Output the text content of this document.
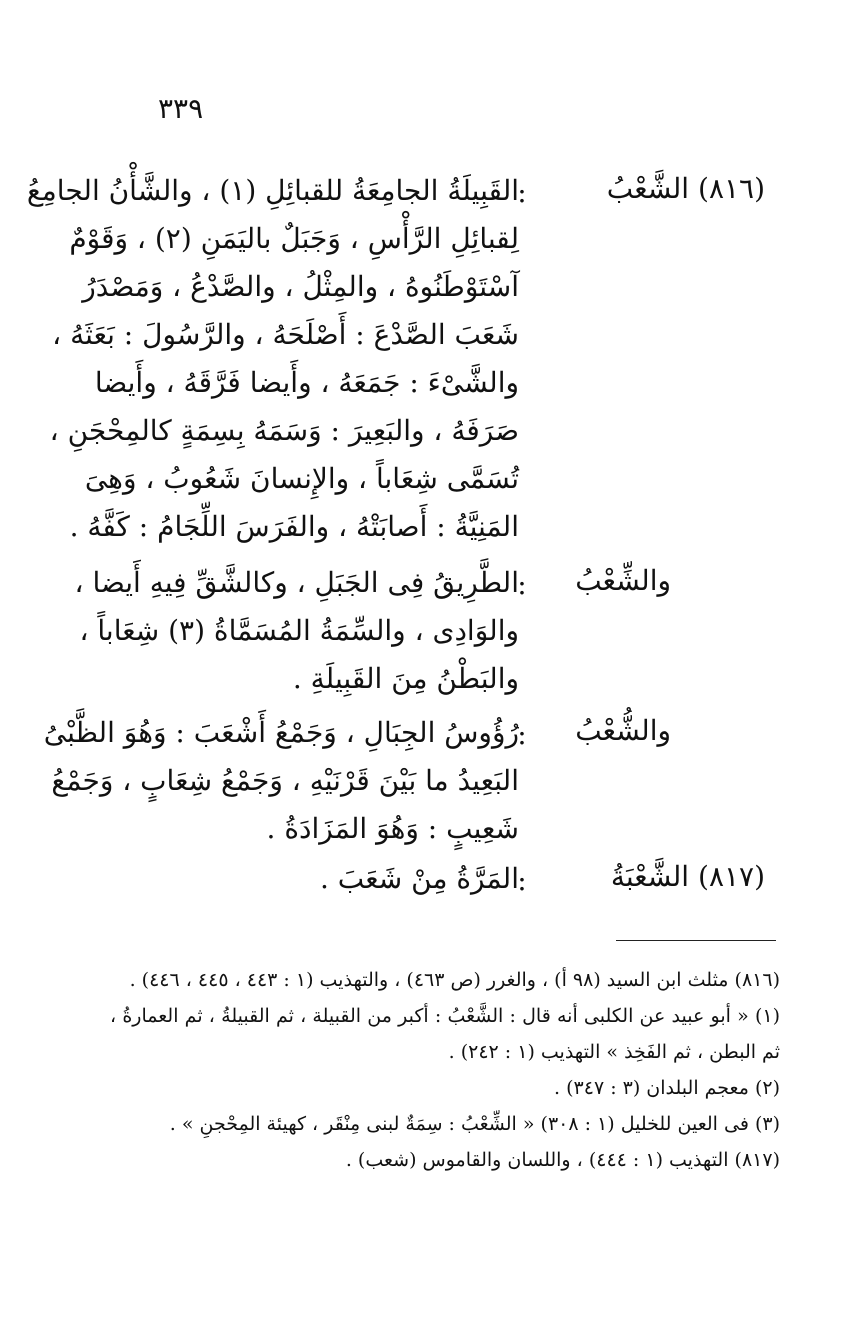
٣٣٩
(٨١٦) الشَّعْبُ
:
القَبِيلَةُ الجامِعَةُ للقبائِلِ (١) ، والشَّأْنُ الجامِعُ
لِقبائِلِ الرَّأْسِ ، وَجَبَلٌ باليَمَنِ (٢) ، وَقَوْمٌ
آسْتَوْطَنُوهُ ، والمِثْلُ ، والصَّدْعُ ، وَمَصْدَرُ
شَعَبَ الصَّدْعَ : أَصْلَحَهُ ، والرَّسُولَ : بَعَثَهُ ،
والشَّىْءَ : جَمَعَهُ ، وأَيضا فَرَّقَهُ ، وأَيضا
صَرَفَهُ ، والبَعِيرَ : وَسَمَهُ بِسِمَةٍ كالمِحْجَنِ ،
تُسَمَّى شِعَاباً ، والإِنسانَ شَعُوبُ ، وَهِىَ
المَنِيَّةُ : أَصابَتْهُ ، والفَرَسَ اللِّجَامُ : كَفَّهُ .
والشِّعْبُ
:
الطَّرِيقُ فِى الجَبَلِ ، وكالشَّقِّ فِيهِ أَيضا ،
والوَادِى ، والسِّمَةُ المُسَمَّاةُ (٣) شِعَاباً ،
والبَطْنُ مِنَ القَبِيلَةِ .
والشُّعْبُ
:
رُؤُوسُ الجِبَالِ ، وَجَمْعُ أَشْعَبَ : وَهُوَ الظَّبْىُ
البَعِيدُ ما بَيْنَ قَرْنَيْهِ ، وَجَمْعُ شِعَابٍ ، وَجَمْعُ
شَعِيبٍ : وَهُوَ المَزَادَةُ .
(٨١٧) الشَّعْبَةُ
:
المَرَّةُ مِنْ شَعَبَ .

(٨١٦) مثلث ابن السيد (٩٨ أ) ، والغرر (ص ٤٦٣) ، والتهذيب (١ : ٤٤٣ ، ٤٤٥ ، ٤٤٦) .

(١) « أبو عبيد عن الكلبى أنه قال : الشَّعْبُ : أكبر من القبيلة ، ثم القبيلةُ ، ثم العمارةُ ، ثم البطن ، ثم الفَخِذ » التهذيب (١ : ٢٤٢) .

(٢) معجم البلدان (٣ : ٣٤٧) .

(٣) فى العين للخليل (١ : ٣٠٨) « الشِّعْبُ : سِمَةٌ لبنى مِنْقَر ، كهيئة المِحْجنِ » .

(٨١٧) التهذيب (١ : ٤٤٤) ، واللسان والقاموس (شعب) .
